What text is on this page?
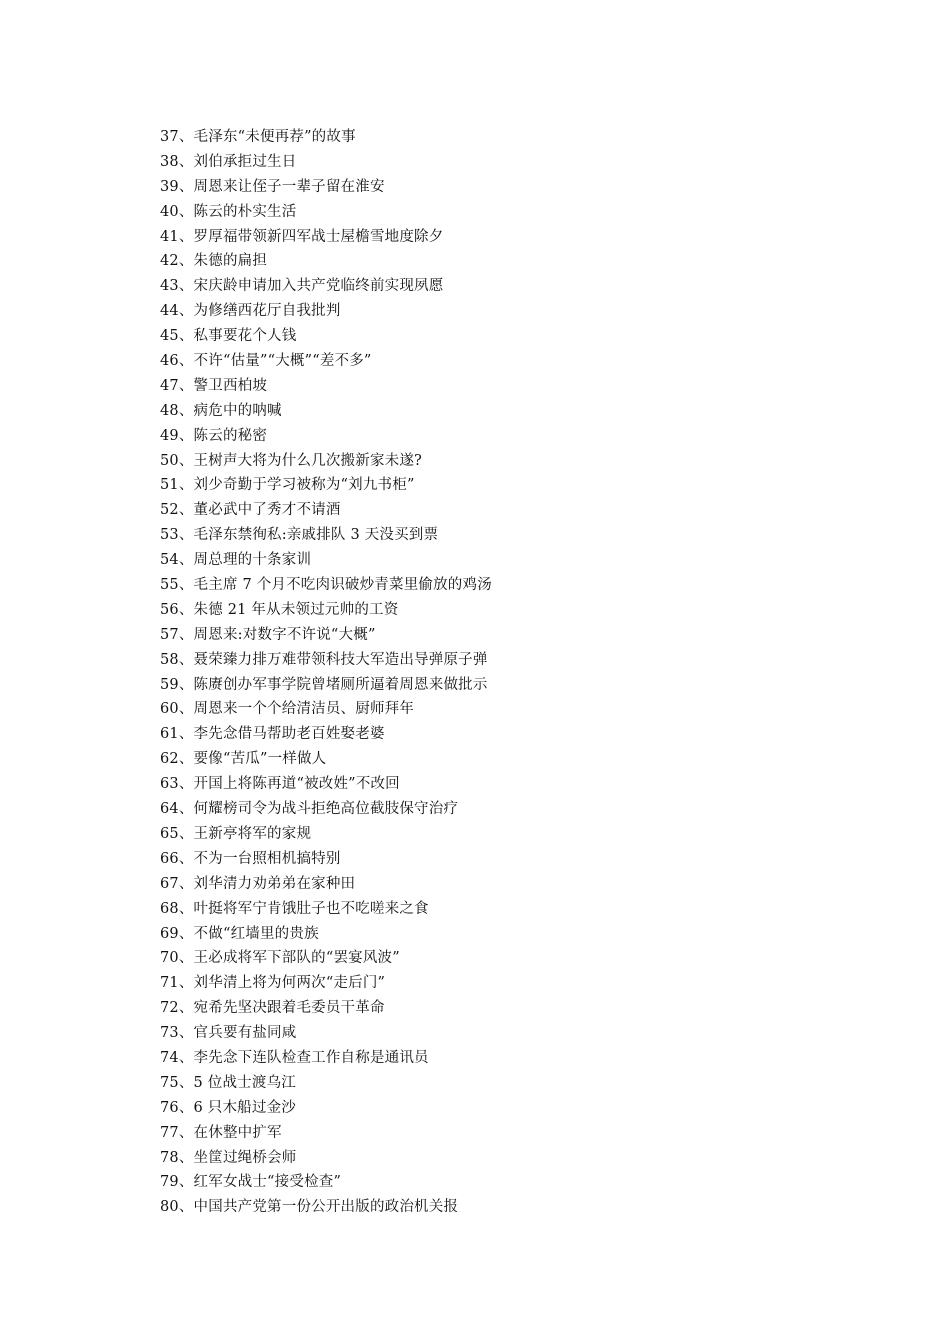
37、毛泽东“未便再荐”的故事
38、刘伯承拒过生日
39、周恩来让侄子一辈子留在淮安
40、陈云的朴实生活
41、罗厚福带领新四军战士屋檐雪地度除夕
42、朱德的扁担
43、宋庆龄申请加入共产党临终前实现夙愿
44、为修缮西花厅自我批判
45、私事要花个人钱
46、不许“估量”“大概”“差不多”
47、警卫西柏坡
48、病危中的呐喊
49、陈云的秘密
50、王树声大将为什么几次搬新家未遂?
51、刘少奇勤于学习被称为“刘九书柜”
52、董必武中了秀才不请酒
53、毛泽东禁徇私:亲戚排队 3 天没买到票
54、周总理的十条家训
55、毛主席 7 个月不吃肉识破炒青菜里偷放的鸡汤
56、朱德 21 年从未领过元帅的工资
57、周恩来:对数字不许说“大概”
58、聂荣臻力排万难带领科技大军造出导弹原子弹
59、陈赓创办军事学院曾堵厕所逼着周恩来做批示
60、周恩来一个个给清洁员、厨师拜年
61、李先念借马帮助老百姓娶老婆
62、要像“苦瓜”一样做人
63、开国上将陈再道“被改姓”不改回
64、何耀榜司令为战斗拒绝高位截肢保守治疗
65、王新亭将军的家规
66、不为一台照相机搞特别
67、刘华清力劝弟弟在家种田
68、叶挺将军宁肯饿肚子也不吃嗟来之食
69、不做“红墙里的贵族
70、王必成将军下部队的“罢宴风波”
71、刘华清上将为何两次“走后门”
72、宛希先坚决跟着毛委员干革命
73、官兵要有盐同咸
74、李先念下连队检查工作自称是通讯员
75、5 位战士渡乌江
76、6 只木船过金沙
77、在休整中扩军
78、坐筐过绳桥会师
79、红军女战士“接受检查”
80、中国共产党第一份公开出版的政治机关报
